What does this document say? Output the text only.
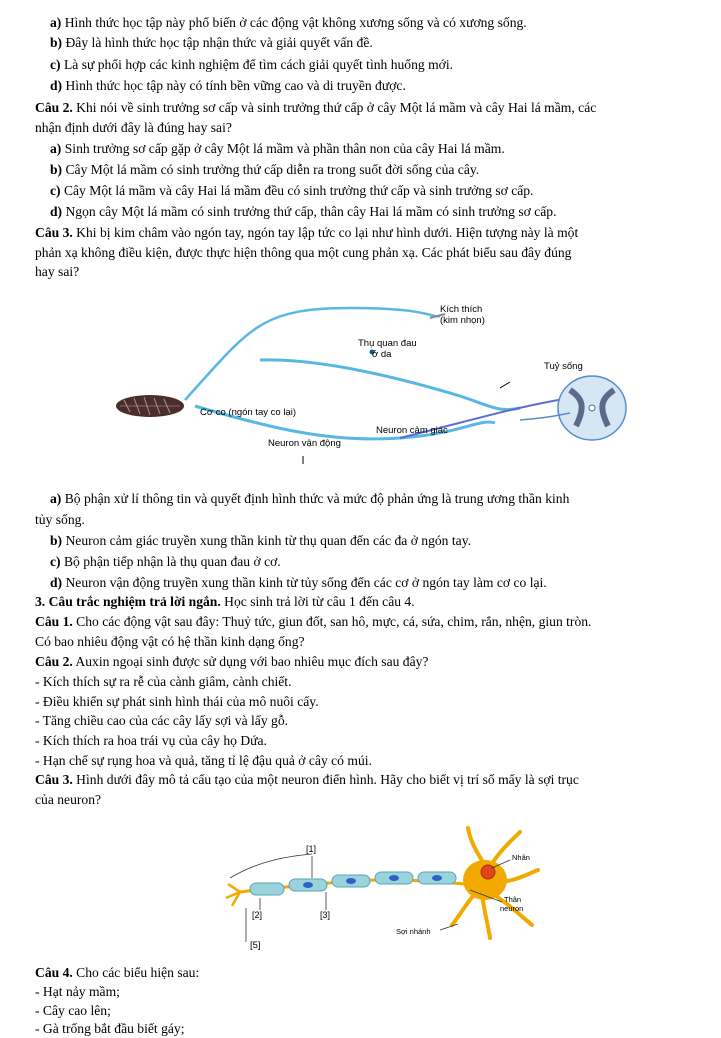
a) Hình thức học tập này phổ biến ở các động vật không xương sống và có xương sống.
b) Đây là hình thức học tập nhận thức và giải quyết vấn đề.
c) Là sự phối hợp các kinh nghiệm để tìm cách giải quyết tình huống mới.
d) Hình thức học tập này có tính bền vững cao và di truyền được.
Câu 2. Khi nói về sinh trưởng sơ cấp và sinh trưởng thứ cấp ở cây Một lá mầm và cây Hai lá mầm, các
nhận định dưới đây là đúng hay sai?
a) Sinh trưởng sơ cấp gặp ở cây Một lá mầm và phần thân non của cây Hai lá mầm.
b) Cây Một lá mầm có sinh trưởng thứ cấp diễn ra trong suốt đời sống của cây.
c) Cây Một lá mầm và cây Hai lá mầm đều có sinh trưởng thứ cấp và sinh trưởng sơ cấp.
d) Ngọn cây Một lá mầm có sinh trưởng thứ cấp, thân cây Hai lá mầm có sinh trưởng sơ cấp.
Câu 3. Khi bị kim châm vào ngón tay, ngón tay lập tức co lại như hình dưới. Hiện tượng này là một
phản xạ không điều kiện, được thực hiện thông qua một cung phản xạ. Các phát biểu sau đây đúng
hay sai?
Kích thích
(kim nhọn)
Thụ quan đau
ở da
Tuỷ sống
Cơ co (ngón tay co lại)
Neuron cảm giác
Neuron vận động
a) Bộ phận xử lí thông tin và quyết định hình thức và mức độ phản ứng là trung ương thần kinh
tủy sống.
b) Neuron cảm giác truyền xung thần kinh từ thụ quan đến các đa ở ngón tay.
c) Bộ phận tiếp nhận là thụ quan đau ở cơ.
d) Neuron vận động truyền xung thần kinh từ tủy sống đến các cơ ở ngón tay làm cơ co lại.
3. Câu trắc nghiệm trả lời ngắn. Học sinh trả lời từ câu 1 đến câu 4.
Câu 1. Cho các động vật sau đây: Thuỷ tức, giun đốt, san hô, mực, cá, sứa, chim, rắn, nhện, giun tròn.
Có bao nhiêu động vật có hệ thần kinh dạng ống?
Câu 2. Auxin ngoại sinh được sử dụng với bao nhiêu mục đích sau đây?
- Kích thích sự ra rễ của cành giâm, cành chiết.
- Điều khiển sự phát sinh hình thái của mô nuôi cấy.
- Tăng chiều cao của các cây lấy sợi và lấy gỗ.
- Kích thích ra hoa trái vụ của cây họ Dứa.
- Hạn chế sự rụng hoa và quả, tăng tỉ lệ đậu quả ở cây có múi.
Câu 3. Hình dưới đây mô tả cấu tạo của một neuron điển hình. Hãy cho biết vị trí số mấy là sợi trục
của neuron?
[1]
[2]	[3]
[5]
Nhân
Thân
neuron
Sợi nhánh
Câu 4. Cho các biểu hiện sau:
- Hạt nảy mầm;
- Cây cao lên;
- Gà trống bắt đầu biết gáy;
